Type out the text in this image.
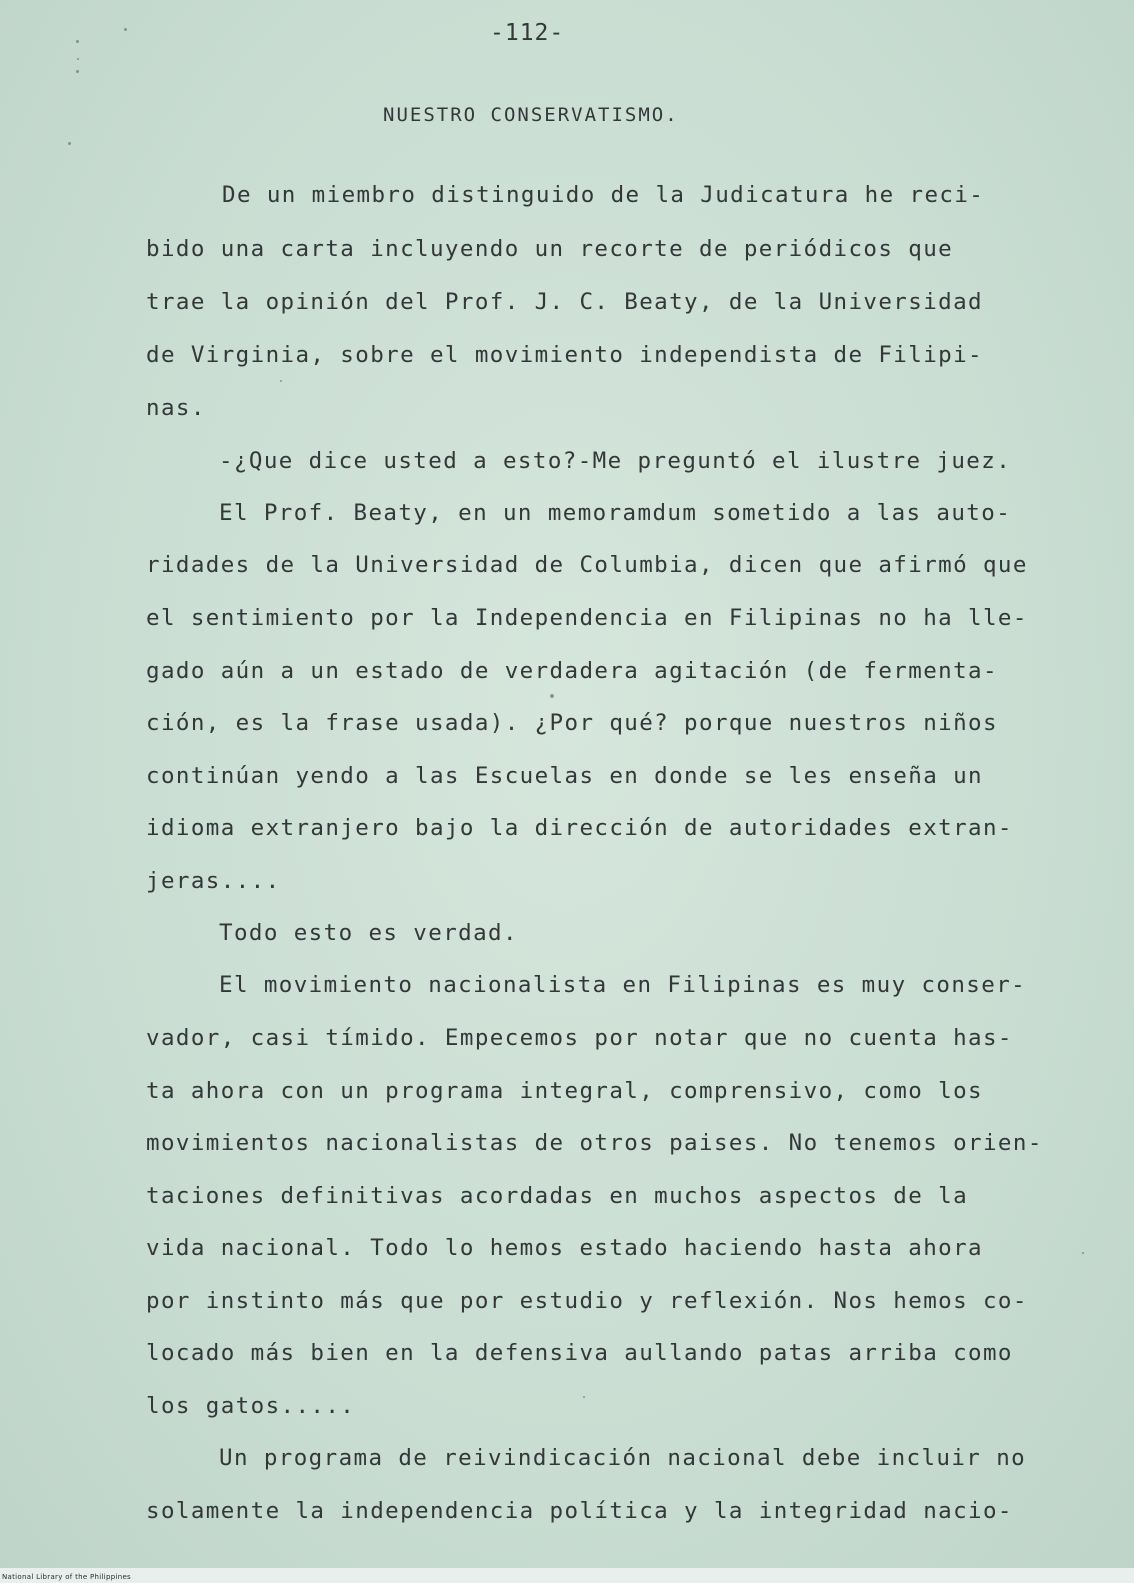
-112-
NUESTRO CONSERVATISMO.
De un miembro distinguido de la Judicatura he reci-
bido una carta incluyendo un recorte de periódicos que
trae la opinión del Prof. J. C. Beaty, de la Universidad
de Virginia, sobre el movimiento independista de Filipi-
nas.
-¿Que dice usted a esto?-Me preguntó el ilustre juez.
El Prof. Beaty, en un memoramdum sometido a las auto-
ridades de la Universidad de Columbia, dicen que afirmó que
el sentimiento por la Independencia en Filipinas no ha lle-
gado aún a un estado de verdadera agitación (de fermenta-
ción, es la frase usada). ¿Por qué? porque nuestros niños
continúan yendo a las Escuelas en donde se les enseña un
idioma extranjero bajo la dirección de autoridades extran-
jeras....
Todo esto es verdad.
El movimiento nacionalista en Filipinas es muy conser-
vador, casi tímido. Empecemos por notar que no cuenta has-
ta ahora con un programa integral, comprensivo, como los
movimientos nacionalistas de otros paises. No tenemos orien-
taciones definitivas acordadas en muchos aspectos de la
vida nacional. Todo lo hemos estado haciendo hasta ahora
por instinto más que por estudio y reflexión. Nos hemos co-
locado más bien en la defensiva aullando patas arriba como
los gatos.....
Un programa de reivindicación nacional debe incluir no
solamente la independencia política y la integridad nacio-
National Library of the Philippines
